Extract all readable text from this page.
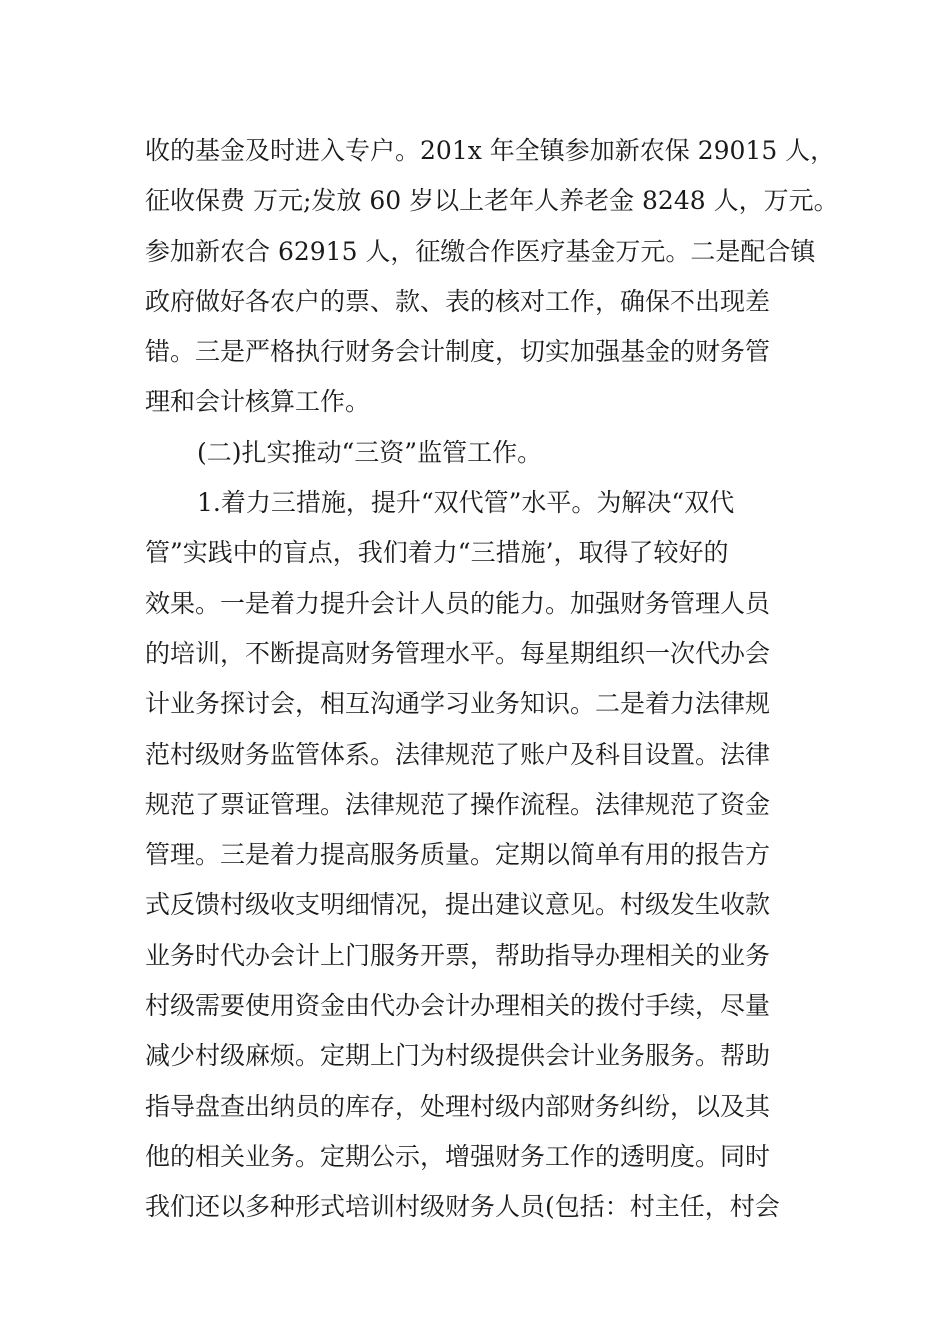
收的基金及时进入专户。201x 年全镇参加新农保 29015 人，
征收保费 万元;发放 60 岁以上老年人养老金 8248 人，万元。
参加新农合 62915 人，征缴合作医疗基金万元。二是配合镇
政府做好各农户的票、款、表的核对工作，确保不出现差
错。三是严格执行财务会计制度，切实加强基金的财务管
理和会计核算工作。
(二)扎实推动“三资”监管工作。
1.着力三措施，提升“双代管”水平。为解决“双代
管”实践中的盲点，我们着力“三措施’，取得了较好的
效果。一是着力提升会计人员的能力。加强财务管理人员
的培训，不断提高财务管理水平。每星期组织一次代办会
计业务探讨会，相互沟通学习业务知识。二是着力法律规
范村级财务监管体系。法律规范了账户及科目设置。法律
规范了票证管理。法律规范了操作流程。法律规范了资金
管理。三是着力提高服务质量。定期以简单有用的报告方
式反馈村级收支明细情况，提出建议意见。村级发生收款
业务时代办会计上门服务开票，帮助指导办理相关的业务
村级需要使用资金由代办会计办理相关的拨付手续，尽量
减少村级麻烦。定期上门为村级提供会计业务服务。帮助
指导盘查出纳员的库存，处理村级内部财务纠纷，以及其
他的相关业务。定期公示，增强财务工作的透明度。同时
我们还以多种形式培训村级财务人员(包括：村主任，村会
